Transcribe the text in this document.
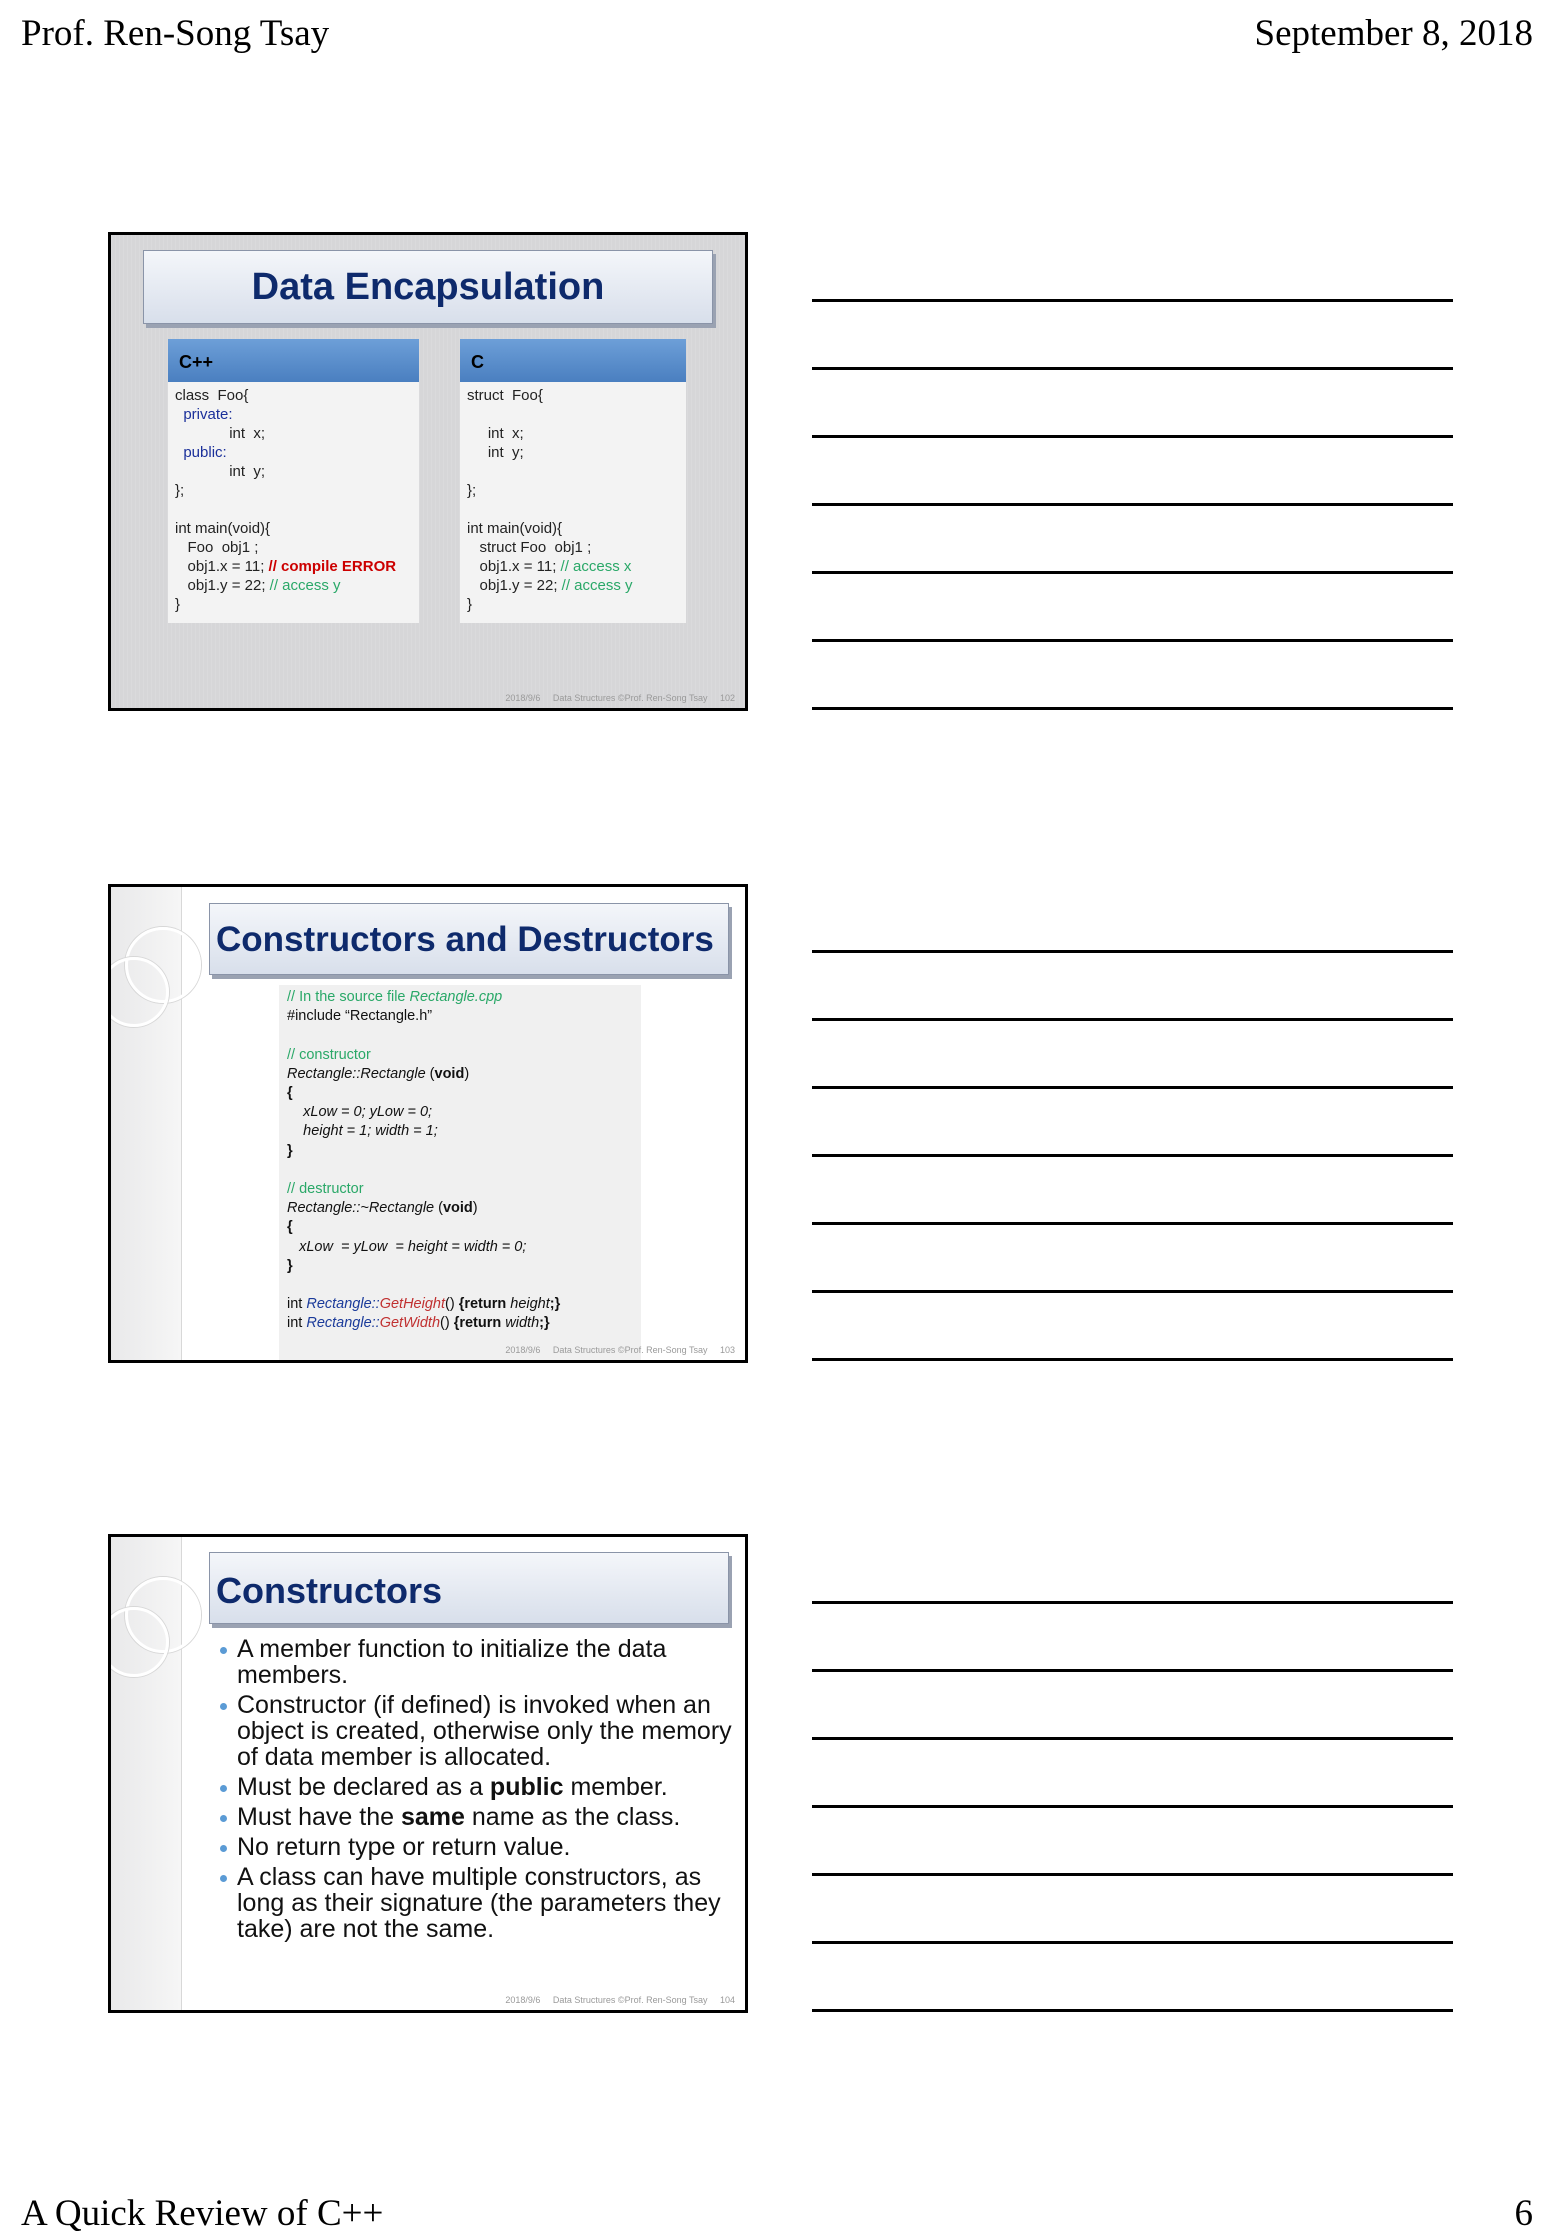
Prof. Ren-Song Tsay	September 8, 2018
Data Encapsulation
C++
class  Foo{
private:
int  x;
public:
int  y;
};

int main(void){
Foo  obj1 ;
obj1.x = 11; // compile ERROR
obj1.y = 22; // access y
}
C
struct  Foo{

int  x;
int  y;

};

int main(void){
struct Foo  obj1 ;
obj1.x = 11; // access x
obj1.y = 22; // access y
}
2018/9/6     Data Structures ©Prof. Ren-Song Tsay 102
Constructors and Destructors
// In the source file Rectangle.cpp
#include “Rectangle.h”

// constructor
Rectangle::Rectangle (void)
{
xLow = 0; yLow = 0;
height = 1; width = 1;
}

// destructor
Rectangle::~Rectangle (void)
{
xLow  = yLow  = height = width = 0;
}

int Rectangle::GetHeight() {return height;}
int Rectangle::GetWidth() {return width;}
2018/9/6     Data Structures ©Prof. Ren-Song Tsay 103
Constructors
A member function to initialize the data members.
Constructor (if defined) is invoked when an object is created, otherwise only the memory of data member is allocated.
Must be declared as a public member.
Must have the same name as the class.
No return type or return value.
A class can have multiple constructors, as long as their signature (the parameters they take) are not the same.
2018/9/6     Data Structures ©Prof. Ren-Song Tsay 104
A Quick Review of C++	6
